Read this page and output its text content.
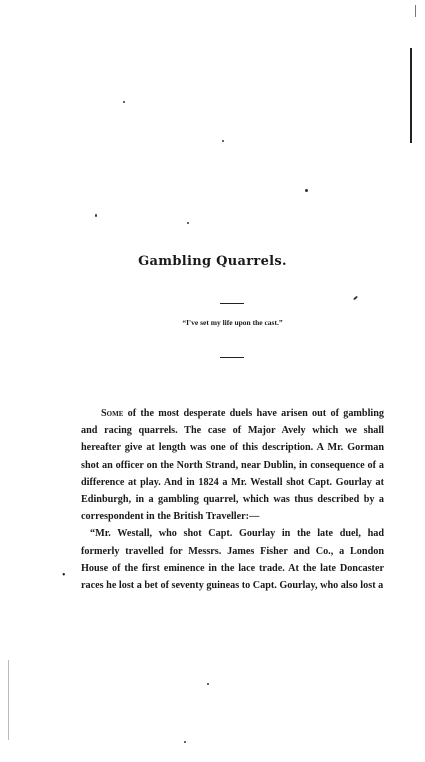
Gambling Quarrels.
“I've set my life upon the cast.”
•

Some of the most desperate duels have arisen out of gambling and racing quarrels. The case of Major Avely which we shall hereafter give at length was one of this description. A Mr. Gorman shot an officer on the North Strand, near Dublin, in consequence of a difference at play. And in 1824 a Mr. Westall shot Capt. Gourlay at Edinburgh, in a gambling quarrel, which was thus described by a correspondent in the British Traveller:—

“Mr. Westall, who shot Capt. Gourlay in the late duel, had formerly travelled for Messrs. James Fisher and Co., a London House of the first eminence in the lace trade. At the late Doncaster races he lost a bet of seventy guineas to Capt. Gourlay, who also lost a
